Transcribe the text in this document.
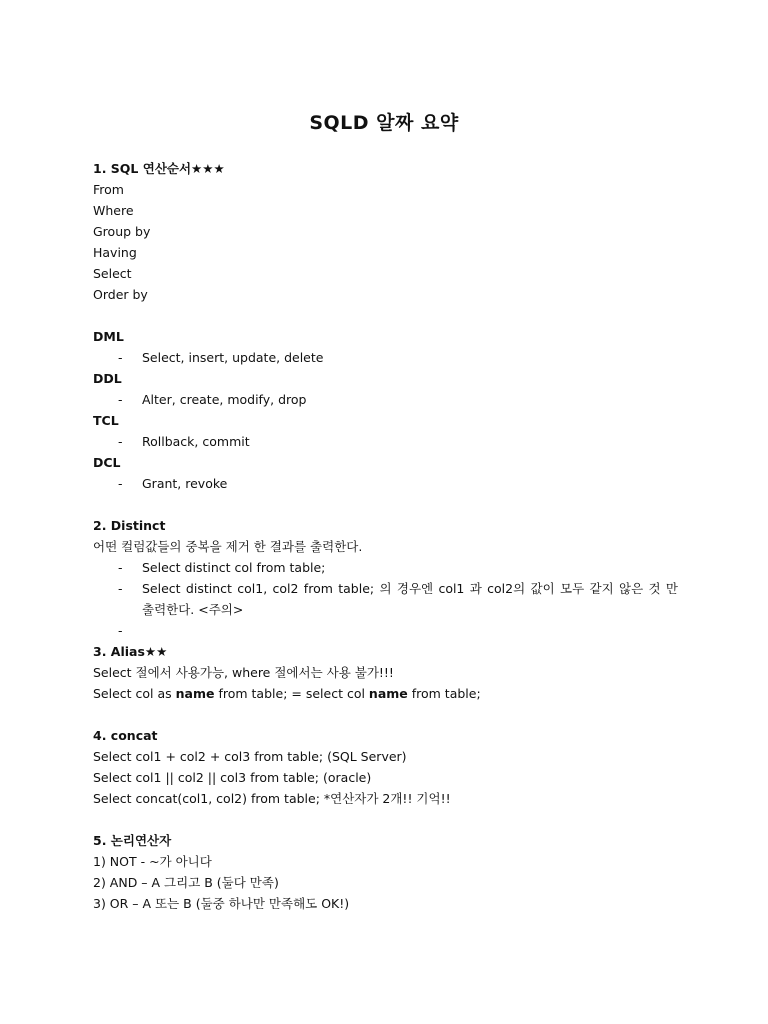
SQLD 알짜 요약
1. SQL 연산순서★★★
From
Where
Group by
Having
Select
Order by
DML
- Select, insert, update, delete
DDL
- Alter, create, modify, drop
TCL
- Rollback, commit
DCL
- Grant, revoke
2. Distinct
어떤 컬럼값들의 중복을 제거 한 결과를 출력한다.
- Select distinct col from table;
- Select distinct col1, col2 from table; 의 경우엔 col1 과 col2의 값이 모두 같지 않은 것 만
출력한다. <주의>
-
3. Alias★★
Select 절에서 사용가능, where 절에서는 사용 불가!!!
Select col as name from table; = select col name from table;
4. concat
Select col1 + col2 + col3 from table; (SQL Server)
Select col1 || col2 || col3 from table; (oracle)
Select concat(col1, col2) from table; *연산자가 2개!! 기억!!
5. 논리연산자
1) NOT - ~가 아니다
2) AND – A 그리고 B (둘다 만족)
3) OR – A 또는 B (둘중 하나만 만족해도 OK!)
